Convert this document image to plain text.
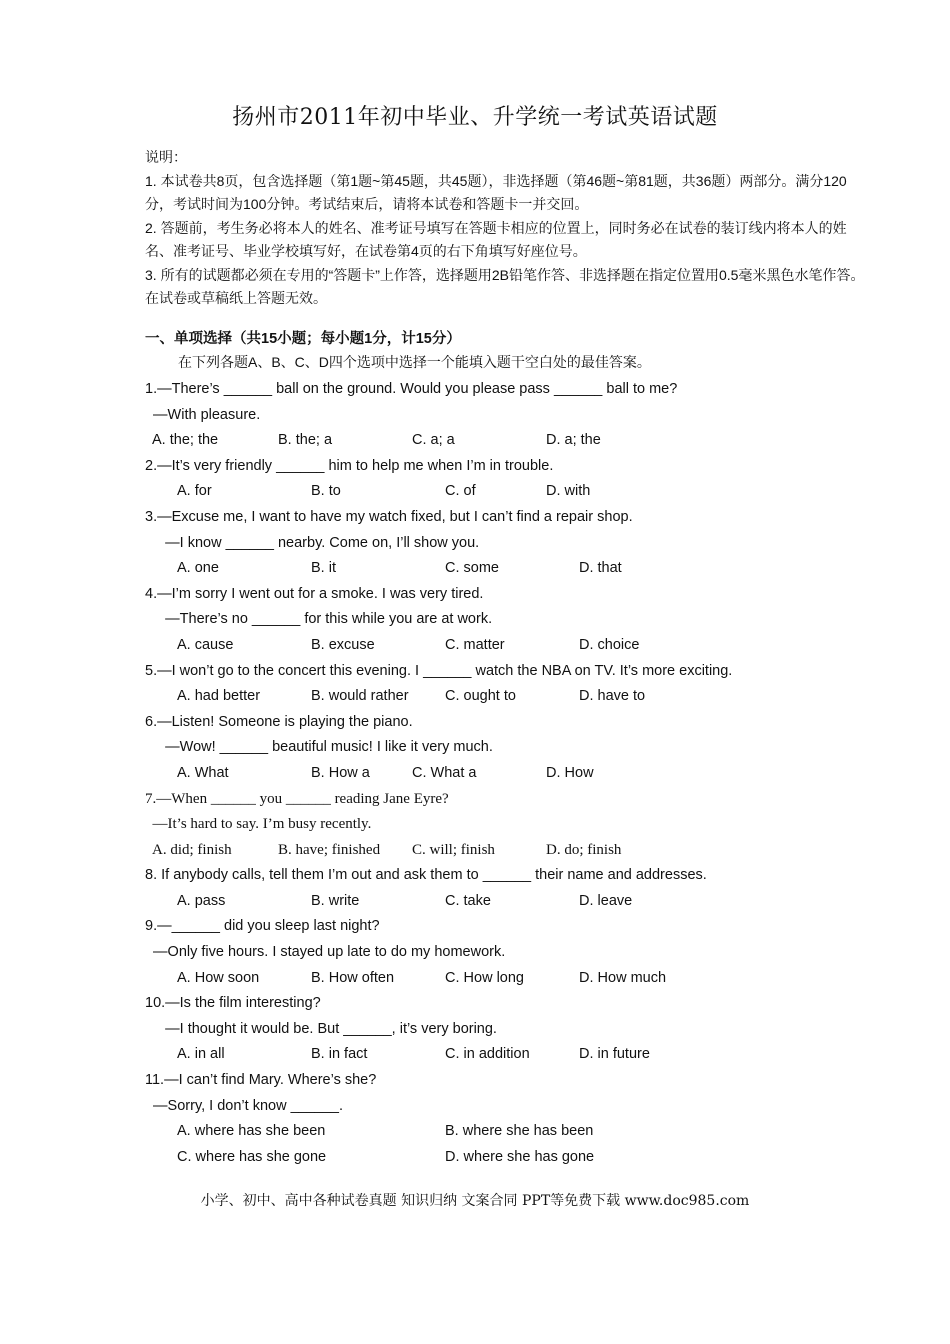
扬州市2011年初中毕业、升学统一考试英语试题

说明：

1. 本试卷共8页，包含选择题（第1题~第45题，共45题），非选择题（第46题~第81题，共36题）两部分。满分120分，考试时间为100分钟。考试结束后，请将本试卷和答题卡一并交回。

2. 答题前，考生务必将本人的姓名、准考证号填写在答题卡相应的位置上，同时务必在试卷的装订线内将本人的姓名、准考证号、毕业学校填写好，在试卷第4页的右下角填写好座位号。

3. 所有的试题都必须在专用的“答题卡”上作答，选择题用2B铅笔作答、非选择题在指定位置用0.5毫米黑色水笔作答。在试卷或草稿纸上答题无效。

一、单项选择（共15小题；每小题1分，计15分）
在下列各题A、B、C、D四个选项中选择一个能填入题干空白处的最佳答案。
1.—There’s ______ ball on the ground. Would you please pass ______ ball to me?
—With pleasure.
A. the; the	B. the; a	C. a; a	D. a; the
2.—It’s very friendly ______ him to help me when I’m in trouble.
A. for	B. to	C. of	D. with
3.—Excuse me, I want to have my watch fixed, but I can’t find a repair shop.
—I know ______ nearby. Come on, I’ll show you.
A. one	B. it	C. some	D. that
4.—I’m sorry I went out for a smoke. I was very tired.
—There’s no ______ for this while you are at work.
A. cause	B. excuse	C. matter	D. choice
5.—I won’t go to the concert this evening. I ______ watch the NBA on TV. It’s more exciting.
A. had better	B. would rather	C. ought to	D. have to
6.—Listen! Someone is playing the piano.
—Wow! ______ beautiful music! I like it very much.
A. What	B. How a	C. What a	D. How
7.—When ______ you ______ reading Jane Eyre?
—It’s hard to say. I’m busy recently.
A. did; finish	B. have; finished C. will; finish	D. do; finish
8. If anybody calls, tell them I’m out and ask them to ______ their name and addresses.
A. pass	B. write	C. take	D. leave
9.—______ did you sleep last night?
—Only five hours. I stayed up late to do my homework.
A. How soon	B. How often	C. How long	D. How much
10.—Is the film interesting?
—I thought it would be. But ______, it’s very boring.
A. in all	B. in fact	C. in addition	D. in future
11.—I can’t find Mary. Where’s she?
—Sorry, I don’t know ______.
A. where has she been	B. where she has been
C. where has she gone	D. where she has gone
小学、初中、高中各种试卷真题 知识归纳 文案合同 PPT等免费下载 www.doc985.com
